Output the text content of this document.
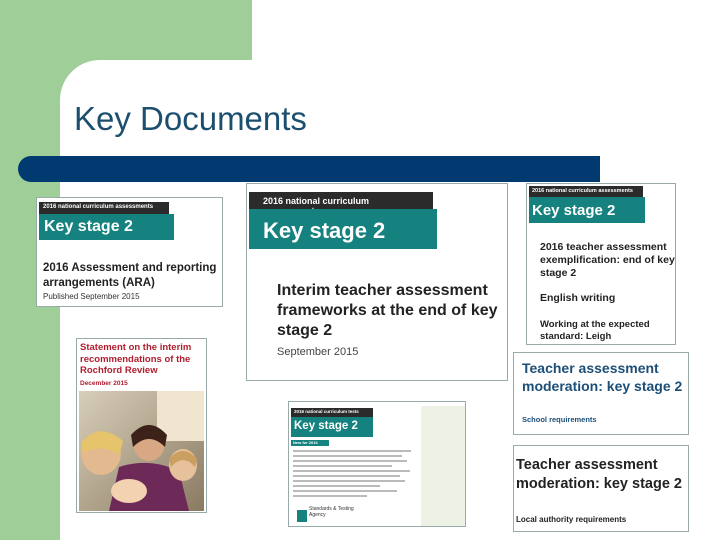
Key Documents
2016 national curriculum assessments
Key stage 2
2016 Assessment and reporting arrangements (ARA)
Published September 2015
2016 national curriculum
Key stage 2
Interim teacher assessment frameworks at the end of key stage 2
September 2015
2016 national curriculum assessments
Key stage 2
2016 teacher assessment exemplification: end of key stage 2
English writing
Working at the expected standard: Leigh
Statement on the interim recommendations of the Rochford Review
December 2015
2016 national curriculum tests
Key stage 2
New for 2016
Standards & Testing Agency
Teacher assessment moderation: key stage 2
School requirements
Teacher assessment moderation: key stage 2
Local authority requirements
